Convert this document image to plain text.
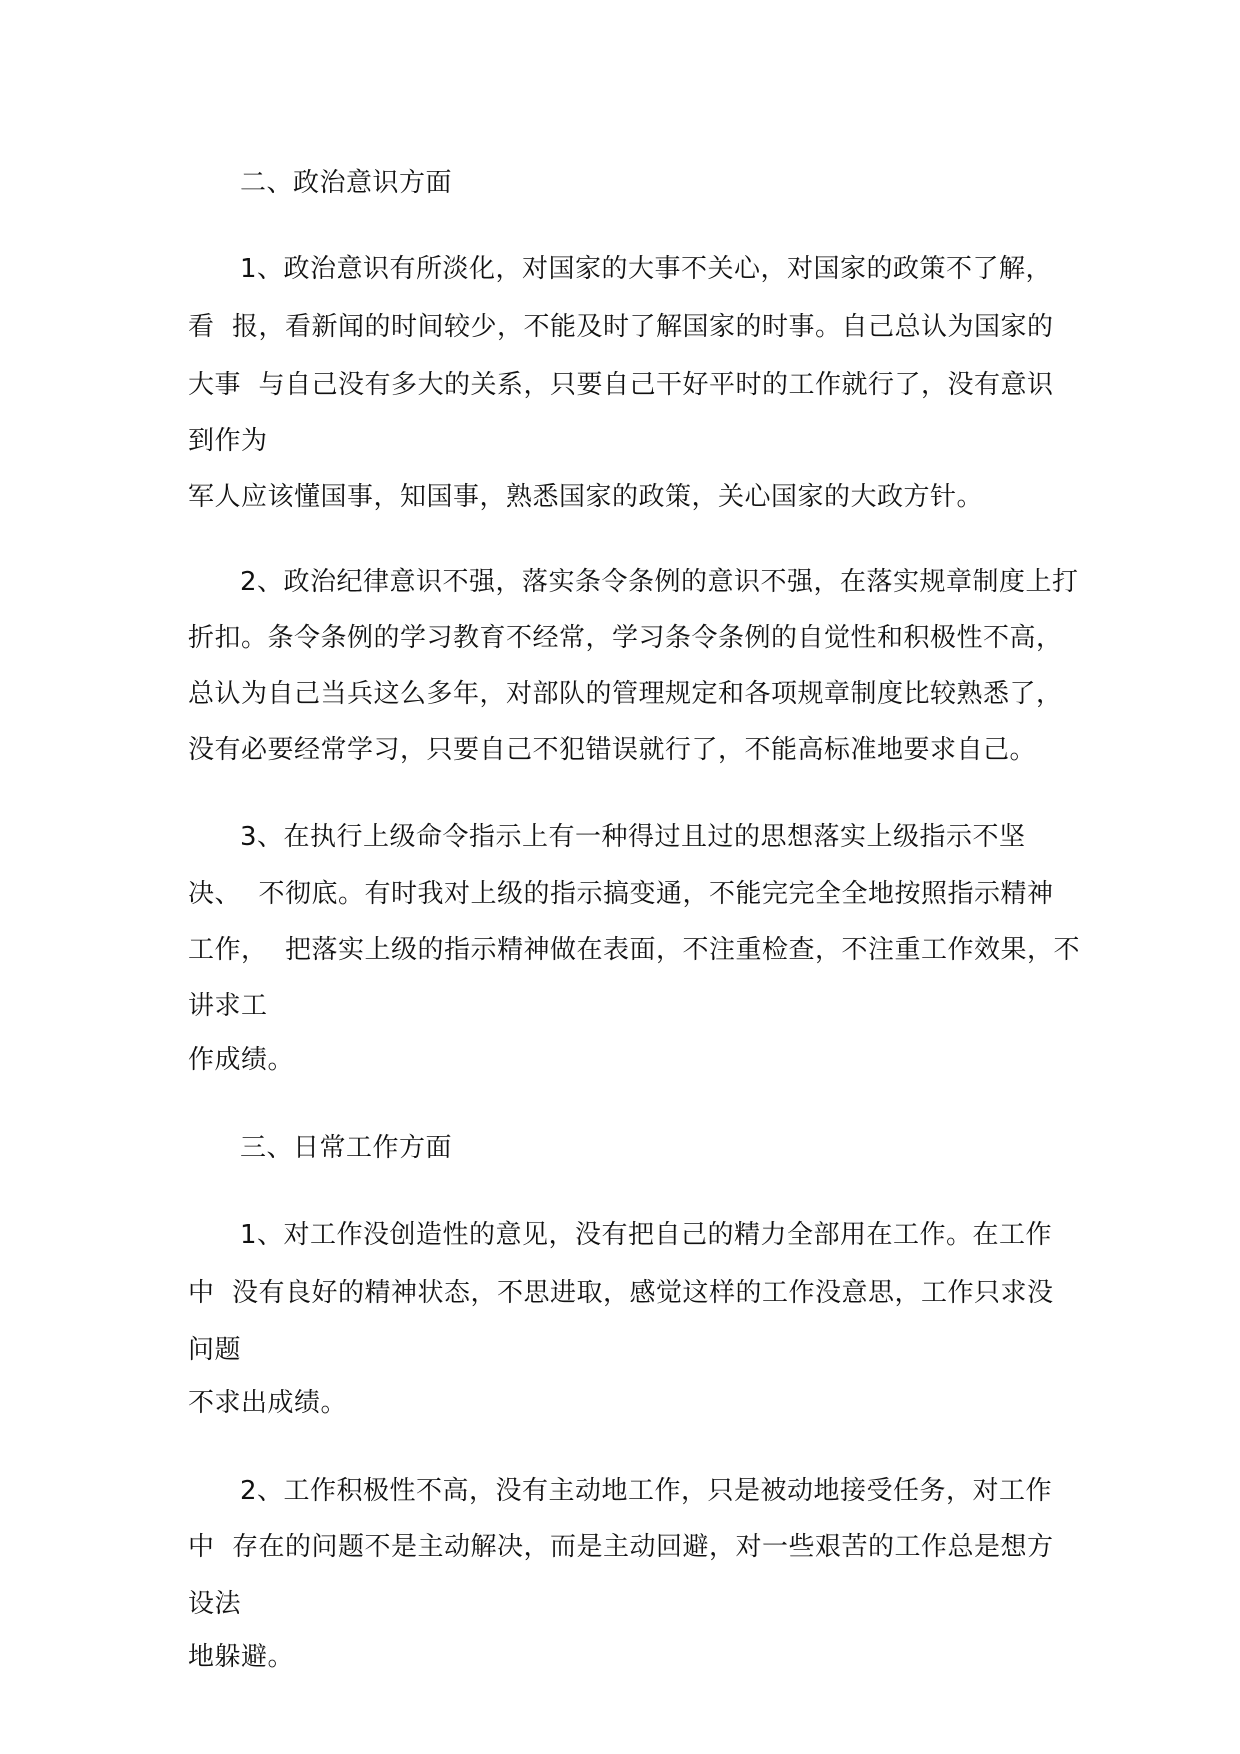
二、政治意识方面
1、政治意识有所淡化，对国家的大事不关心，对国家的政策不了解，
看  报，看新闻的时间较少，不能及时了解国家的时事。自己总认为国家的
大事  与自己没有多大的关系，只要自己干好平时的工作就行了，没有意识
到作为
军人应该懂国事，知国事，熟悉国家的政策，关心国家的大政方针。
2、政治纪律意识不强，落实条令条例的意识不强，在落实规章制度上打
折扣。条令条例的学习教育不经常，学习条令条例的自觉性和积极性不高，
总认为自己当兵这么多年，对部队的管理规定和各项规章制度比较熟悉了，
没有必要经常学习，只要自己不犯错误就行了，不能高标准地要求自己。
3、在执行上级命令指示上有一种得过且过的思想落实上级指示不坚
决、  不彻底。有时我对上级的指示搞变通，不能完完全全地按照指示精神
工作，  把落实上级的指示精神做在表面，不注重检查，不注重工作效果，不
讲求工
作成绩。
三、日常工作方面
1、对工作没创造性的意见，没有把自己的精力全部用在工作。在工作
中  没有良好的精神状态，不思进取，感觉这样的工作没意思，工作只求没
问题
不求出成绩。
2、工作积极性不高，没有主动地工作，只是被动地接受任务，对工作
中  存在的问题不是主动解决，而是主动回避，对一些艰苦的工作总是想方
设法
地躲避。
